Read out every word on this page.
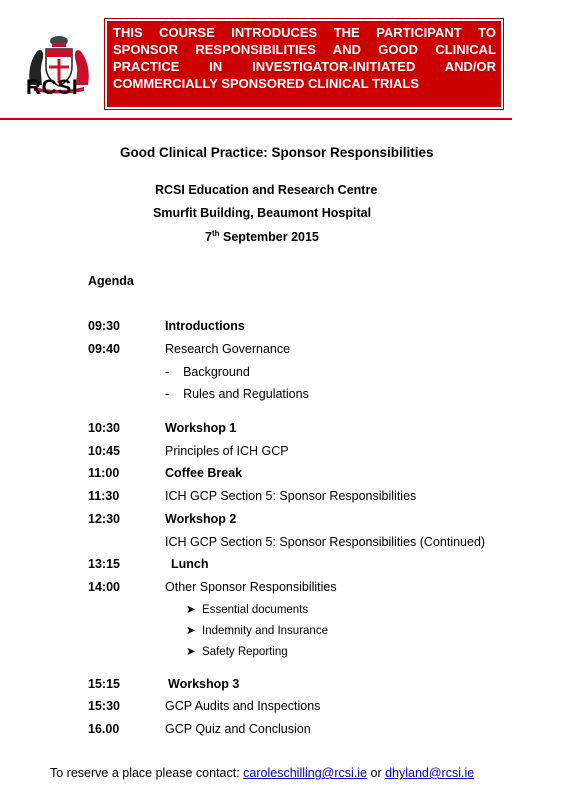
RCSI
THIS COURSE INTRODUCES THE PARTICIPANT TO SPONSOR RESPONSIBILITIES AND GOOD CLINICAL PRACTICE IN INVESTIGATOR-INITIATED AND/OR COMMERCIALLY SPONSORED CLINICAL TRIALS
Good Clinical Practice: Sponsor Responsibilities
RCSI Education and Research Centre
Smurfit Building, Beaumont Hospital
7th September 2015
Agenda
09:30	Introductions
09:40	Research Governance
-    Background
-    Rules and Regulations
10:30	Workshop 1
10:45	Principles of ICH GCP
11:00	Coffee Break
11:30	ICH GCP Section 5: Sponsor Responsibilities
12:30	Workshop 2
ICH GCP Section 5: Sponsor Responsibilities (Continued)
13:15	Lunch
14:00	Other Sponsor Responsibilities
➤ Essential documents
➤ Indemnity and Insurance
➤ Safety Reporting
15:15	Workshop 3
15:30	GCP Audits and Inspections
16.00	GCP Quiz and Conclusion
To reserve a place please contact: caroleschilling@rcsi.ie or dhyland@rcsi.ie
